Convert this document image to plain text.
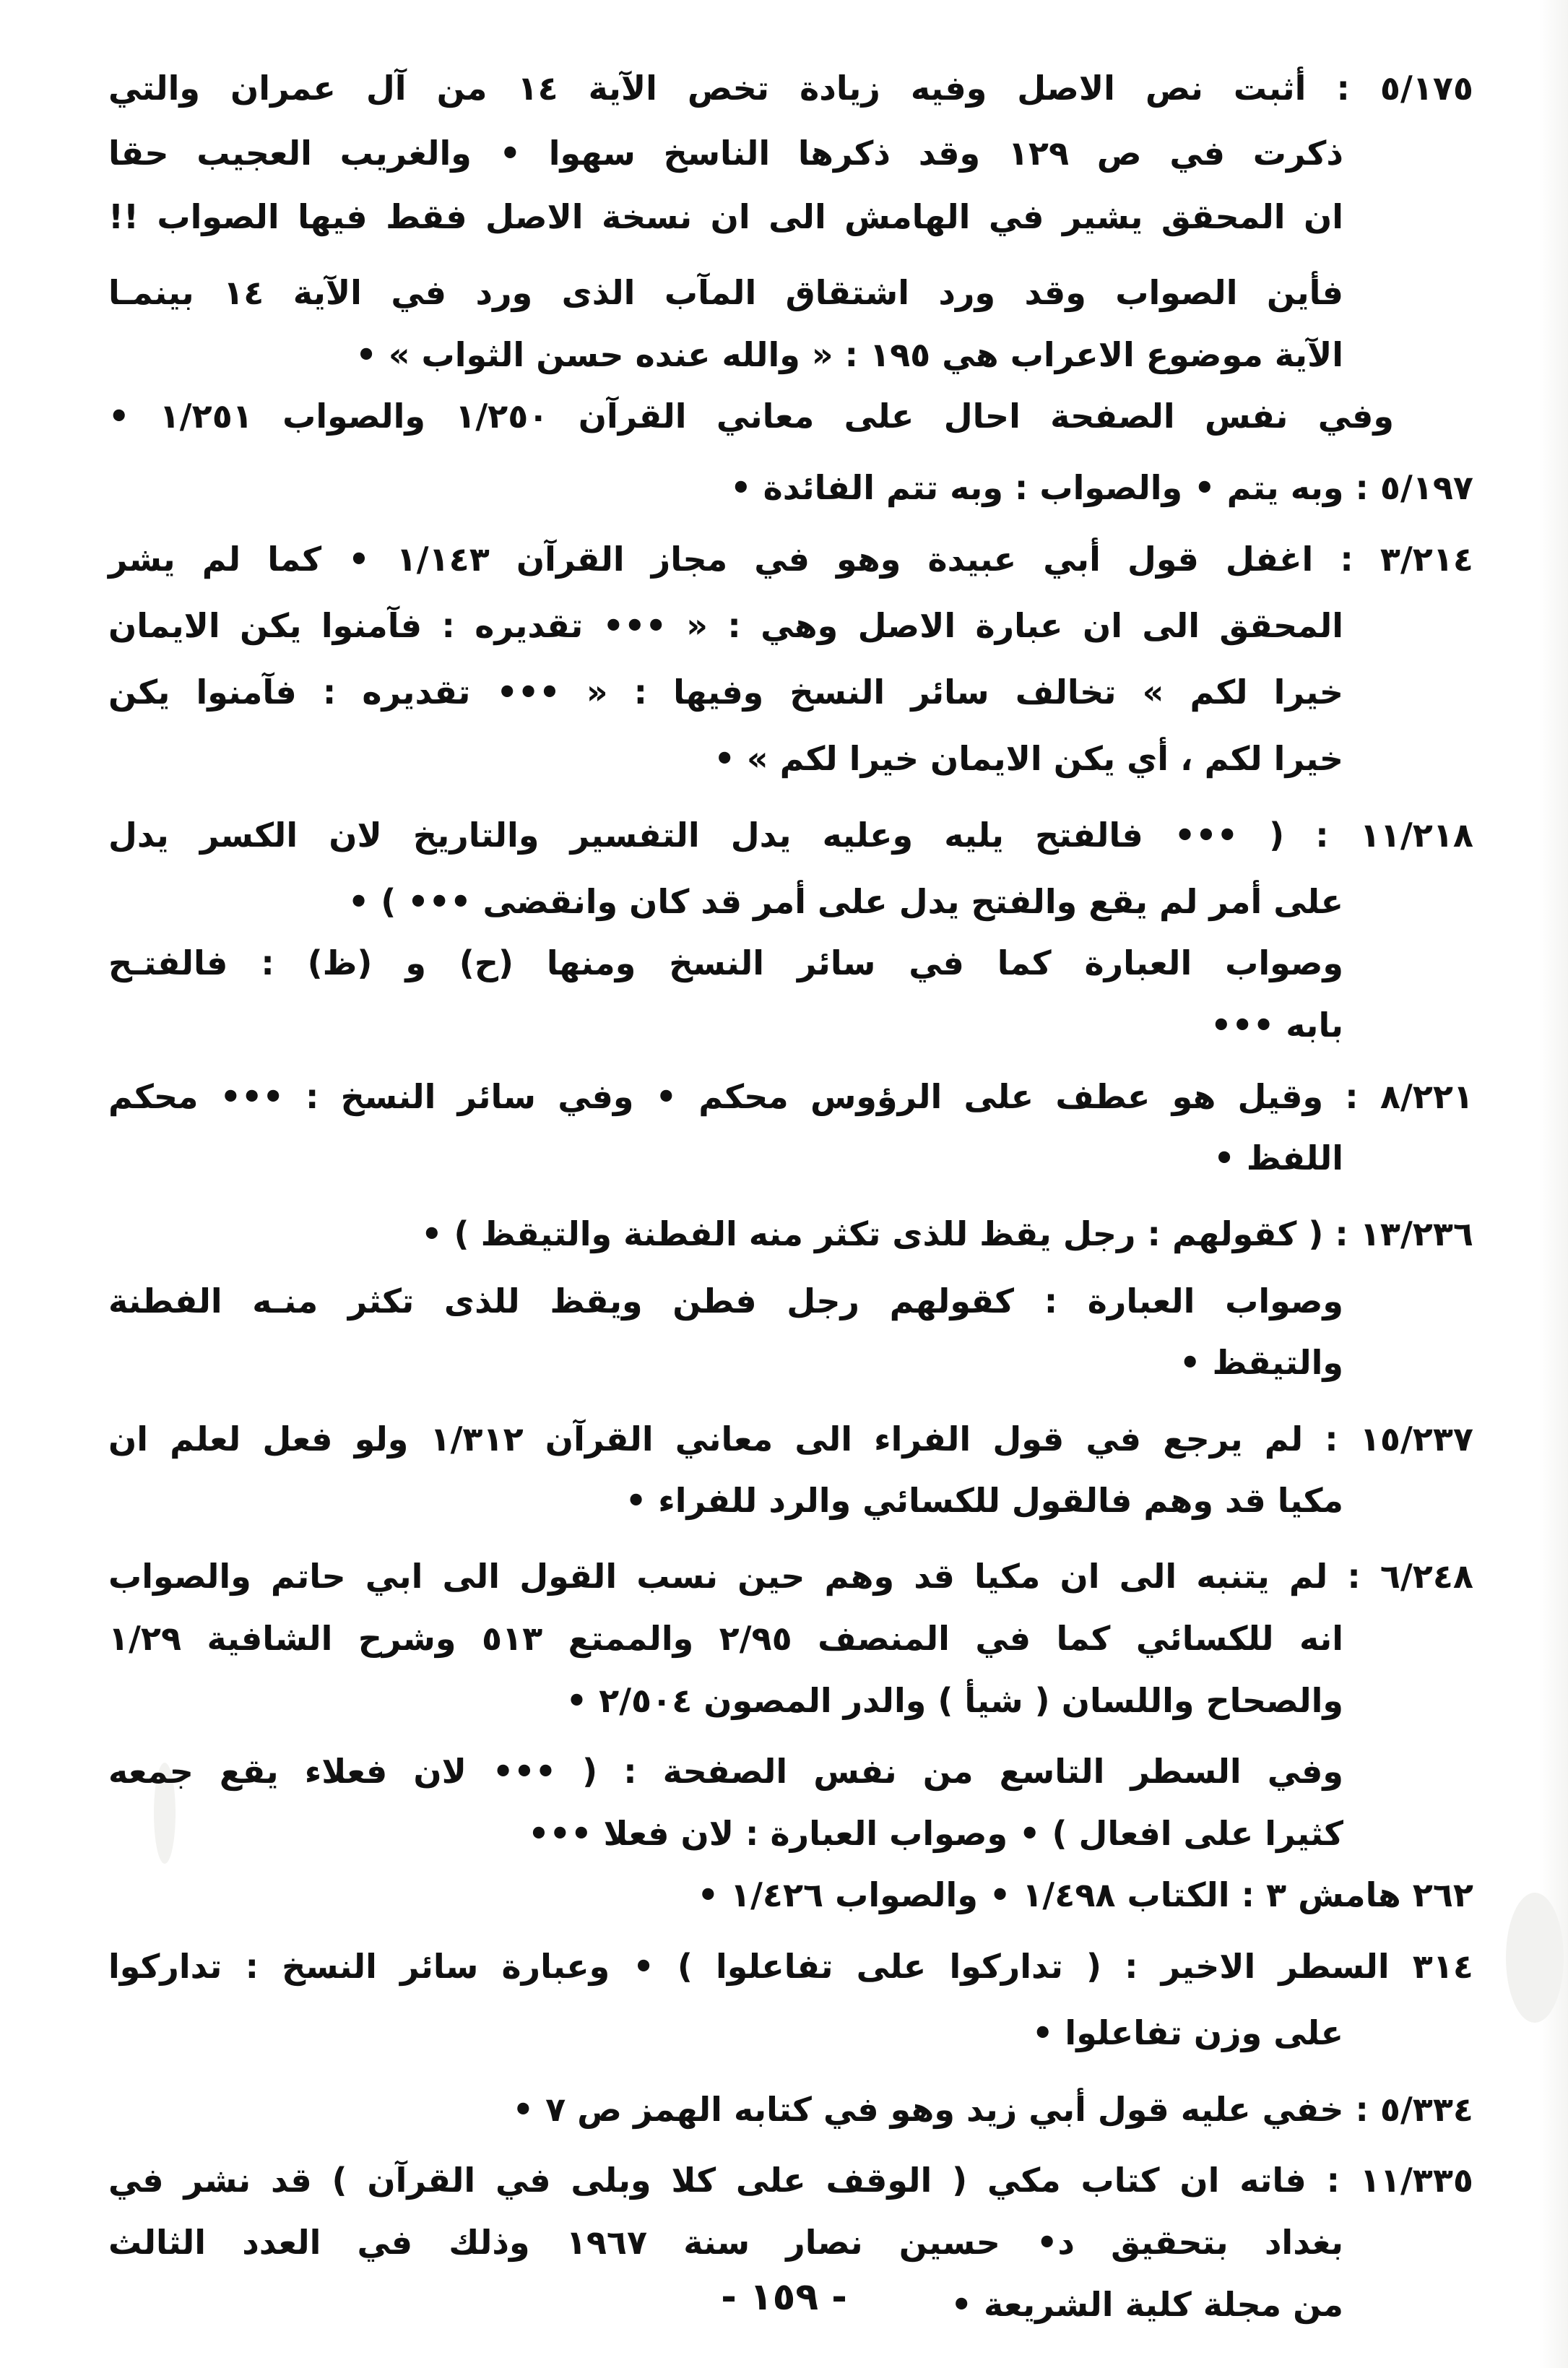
٥/١٧٥ : أثبت نص الاصل وفيه زيادة تخص الآية ١٤ من آل عمران والتي
ذكرت في ص ١٢٩ وقد ذكرها الناسخ سهوا • والغريب العجيب حقا
ان المحقق يشير في الهامش الى ان نسخة الاصل فقط فيها الصواب !!
فأين الصواب وقد ورد اشتقاق المآب الذى ورد في الآية ١٤ بينمـا
الآية موضوع الاعراب هي ١٩٥ : « والله عنده حسن الثواب » •
وفي نفس الصفحة احال على معاني القرآن ١/٢٥٠ والصواب ١/٢٥١ •
٥/١٩٧ : وبه يتم • والصواب : وبه تتم الفائدة •
٣/٢١٤ : اغفل قول أبي عبيدة وهو في مجاز القرآن ١/١٤٣ • كما لم يشر
المحقق الى ان عبارة الاصل وهي : « ••• تقديره : فآمنوا يكن الايمان
خيرا لكم » تخالف سائر النسخ وفيها : « ••• تقديره : فآمنوا يكن
خيرا لكم ، أي يكن الايمان خيرا لكم » •
١١/٢١٨ : ( ••• فالفتح يليه وعليه يدل التفسير والتاريخ لان الكسر يدل
على أمر لم يقع والفتح يدل على أمر قد كان وانقضى ••• ) •
وصواب العبارة كما في سائر النسخ ومنها (ح) و (ظ) : فالفتـح
بابه •••
٨/٢٢١ : وقيل هو عطف على الرؤوس محكم • وفي سائر النسخ : ••• محكم
اللفظ •
١٣/٢٣٦ : ( كقولهم : رجل يقظ للذى تكثر منه الفطنة والتيقظ ) •
وصواب العبارة : كقولهم رجل فطن ويقظ للذى تكثر منـه الفطنة
والتيقظ •
١٥/٢٣٧ : لم يرجع في قول الفراء الى معاني القرآن ١/٣١٢ ولو فعل لعلم ان
مكيا قد وهم فالقول للكسائي والرد للفراء •
٦/٢٤٨ : لم يتنبه الى ان مكيا قد وهم حين نسب القول الى ابي حاتم والصواب
انه للكسائي كما في المنصف ٢/٩٥ والممتع ٥١٣ وشرح الشافية ١/٢٩
والصحاح واللسان ( شيأ ) والدر المصون ٢/٥٠٤ •
وفي السطر التاسع من نفس الصفحة : ( ••• لان فعلاء يقع جمعه
كثيرا على افعال ) • وصواب العبارة : لان فعلا •••
٢٦٢ هامش ٣ : الكتاب ١/٤٩٨ • والصواب ١/٤٢٦ •
٣١٤ السطر الاخير : ( تداركوا على تفاعلوا ) • وعبارة سائر النسخ : تداركوا
على وزن تفاعلوا •
٥/٣٣٤ : خفي عليه قول أبي زيد وهو في كتابه الهمز ص ٧ •
١١/٣٣٥ : فاته ان كتاب مكي ( الوقف على كلا وبلى في القرآن ) قد نشر في
بغداد بتحقيق د• حسين نصار سنة ١٩٦٧ وذلك في العدد الثالث
من مجلة كلية الشريعة •
- ١٥٩ -
